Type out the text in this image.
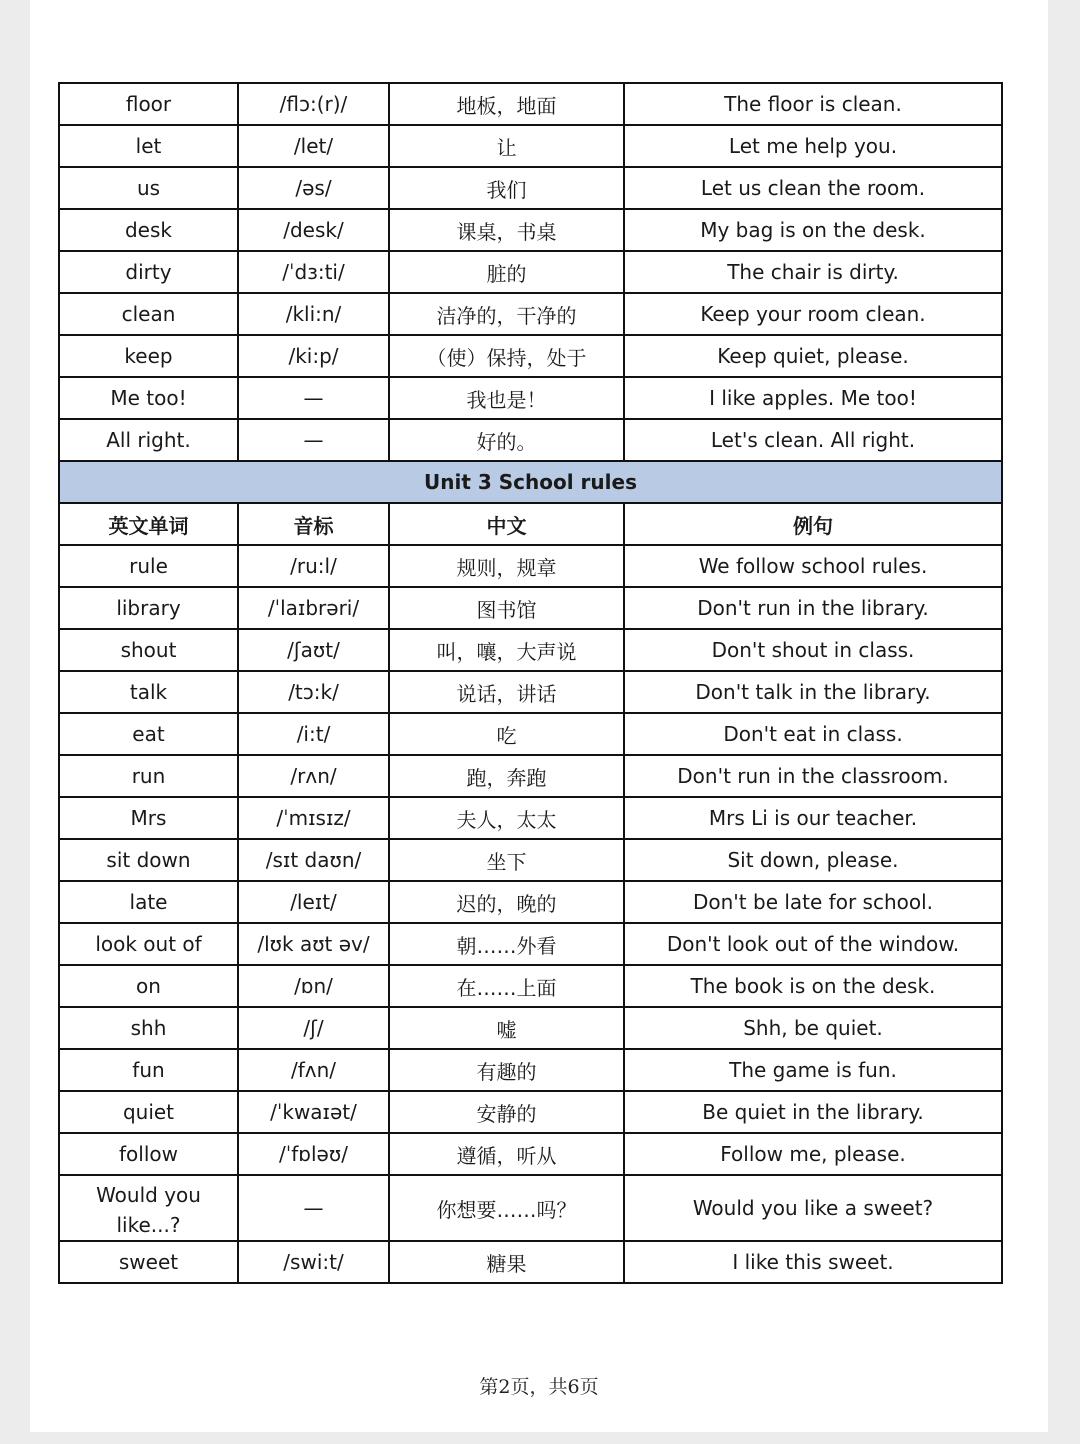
floor	/flɔ:(r)/	地板，地面	The floor is clean.
let	/let/	让	Let me help you.
us	/əs/	我们	Let us clean the room.
desk	/desk/	课桌，书桌	My bag is on the desk.
dirty	/ˈdɜ:ti/	脏的	The chair is dirty.
clean	/kli:n/	洁净的，干净的	Keep your room clean.
keep	/ki:p/	（使）保持，处于	Keep quiet, please.
Me too!	—	我也是！	I like apples. Me too!
All right.	—	好的。	Let's clean. All right.
Unit 3 School rules			
英文单词	音标	中文	例句
rule	/ru:l/	规则，规章	We follow school rules.
library	/ˈlaɪbrəri/	图书馆	Don't run in the library.
shout	/ʃaʊt/	叫，嚷，大声说	Don't shout in class.
talk	/tɔ:k/	说话，讲话	Don't talk in the library.
eat	/i:t/	吃	Don't eat in class.
run	/rʌn/	跑，奔跑	Don't run in the classroom.
Mrs	/ˈmɪsɪz/	夫人，太太	Mrs Li is our teacher.
sit down	/sɪt daʊn/	坐下	Sit down, please.
late	/leɪt/	迟的，晚的	Don't be late for school.
look out of	/lʊk aʊt əv/	朝……外看	Don't look out of the window.
on	/ɒn/	在……上面	The book is on the desk.
shh	/ʃ/	嘘	Shh, be quiet.
fun	/fʌn/	有趣的	The game is fun.
quiet	/ˈkwaɪət/	安静的	Be quiet in the library.
follow	/ˈfɒləʊ/	遵循，听从	Follow me, please.
Would you like...?	—	你想要……吗？	Would you like a sweet?
sweet	/swi:t/	糖果	I like this sweet.
第2页，共6页
